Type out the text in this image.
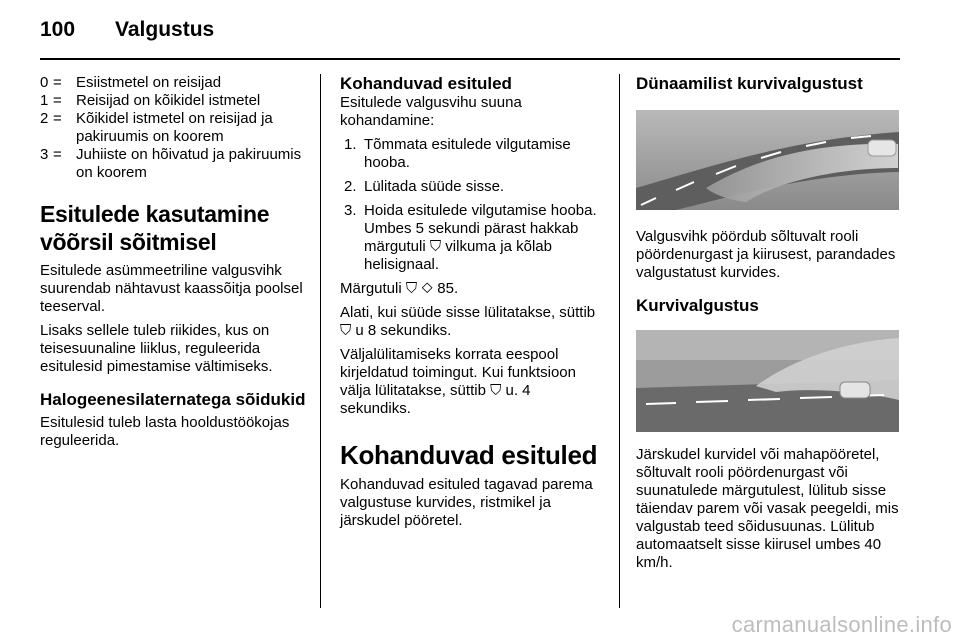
100 Valgustus
0 = Esiistmetel on reisijad
1 = Reisijad on kõikidel istmetel
2 = Kõikidel istmetel on reisijad ja pakiruumis on koorem
3 = Juhiiste on hõivatud ja pakiruumis on koorem
Esitulede kasutamine võõrsil sõitmisel

Esitulede asümmeetriline valgusvihk suurendab nähtavust kaassõitja poolsel teeserval.

Lisaks sellele tuleb riikides, kus on teisesuunaline liiklus, reguleerida esitulesid pimestamise vältimiseks.

Halogeenesilaternatega sõidukid

Esitulesid tuleb lasta hooldustöökojas reguleerida.

Kohanduvad esituled

Esitulede valgusvihu suuna kohandamine:

1. Tõmmata esitulede vilgutamise hooba.
2. Lülitada süüde sisse.
3. Hoida esitulede vilgutamise hooba. Umbes 5 sekundi pärast hakkab märgutuli ⛉ vilkuma ja kõlab helisignaal.

Märgutuli ⛉ ◇ 85.

Alati, kui süüde sisse lülitatakse, süttib ⛉ u 8 sekundiks.

Väljalülitamiseks korrata eespool kirjeldatud toimingut. Kui funktsioon välja lülitatakse, süttib ⛉ u. 4 sekundiks.

Kohanduvad esituled

Kohanduvad esituled tagavad parema valgustuse kurvides, ristmikel ja järskudel pööretel.

Dünaamilist kurvivalgustust

Valgusvihk pöördub sõltuvalt rooli pöördenurgast ja kiirusest, parandades valgustatust kurvides.

Kurvivalgustus

Järskudel kurvidel või mahapööretel, sõltuvalt rooli pöördenurgast või suunatulede märgutulest, lülitub sisse täiendav parem või vasak peegeldi, mis valgustab teed sõidusuunas. Lülitub automaatselt sisse kiirusel umbes 40 km/h.

carmanualsonline.info
